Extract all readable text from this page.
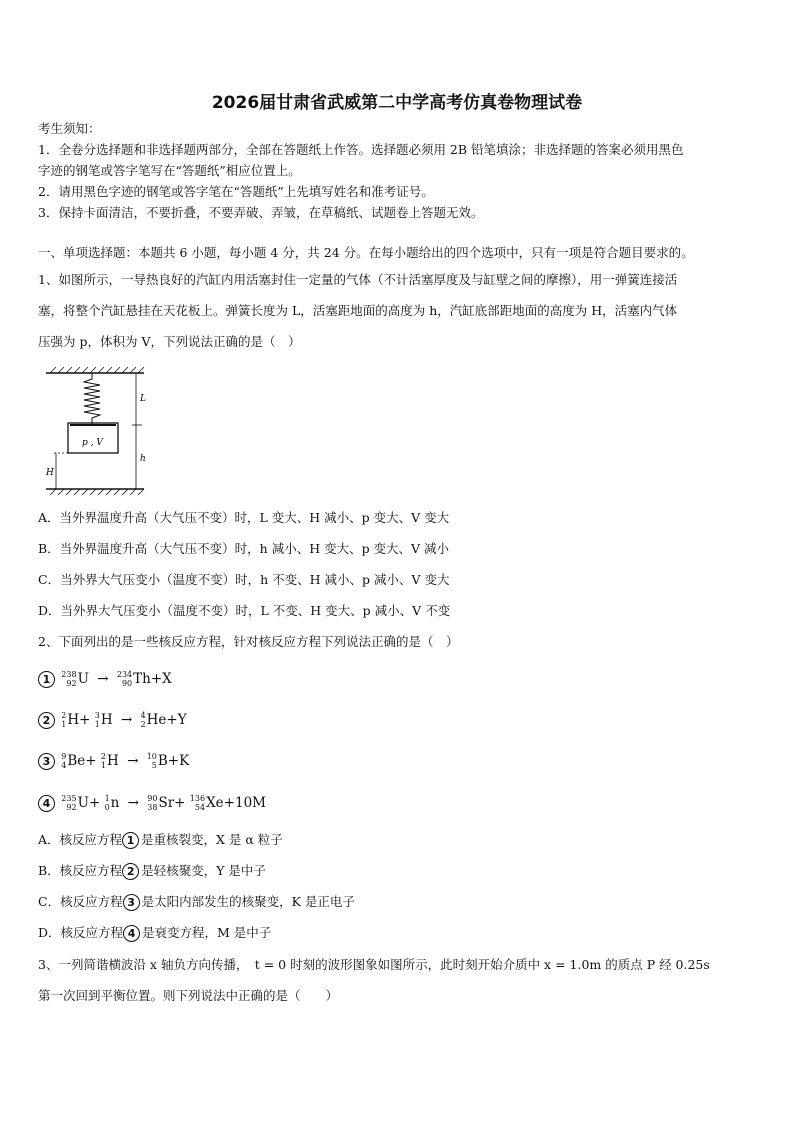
2026届甘肃省武威第二中学高考仿真卷物理试卷
考生须知：
1．全卷分选择题和非选择题两部分，全部在答题纸上作答。选择题必须用 2B 铅笔填涂；非选择题的答案必须用黑色
字迹的钢笔或答字笔写在“答题纸”相应位置上。
2．请用黑色字迹的钢笔或答字笔在“答题纸”上先填写姓名和准考证号。
3．保持卡面清洁，不要折叠，不要弄破、弄皱，在草稿纸、试题卷上答题无效。
一、单项选择题：本题共 6 小题，每小题 4 分，共 24 分。在每小题给出的四个选项中，只有一项是符合题目要求的。
1、如图所示，一导热良好的汽缸内用活塞封住一定量的气体（不计活塞厚度及与缸壁之间的摩擦），用一弹簧连接活
塞，将整个汽缸悬挂在天花板上。弹簧长度为 L，活塞距地面的高度为 h，汽缸底部距地面的高度为 H，活塞内气体
压强为 p，体积为 V，下列说法正确的是（　）
p , V
L
h
H
A．当外界温度升高（大气压不变）时，L 变大、H 减小、p 变大、V 变大
B．当外界温度升高（大气压不变）时，h 减小、H 变大、p 变大、V 减小
C．当外界大气压变小（温度不变）时，h 不变、H 减小、p 减小、V 变大
D．当外界大气压变小（温度不变）时，L 不变、H 变大、p 减小、V 不变
2、下面列出的是一些核反应方程，针对核反应方程下列说法正确的是（　）
1 238
92 U → 234
90 Th+X
2 2
1 H+
3
1 H → 4
2 He+Y
3 9
4 Be+
2
1 H → 10
5 B+K
4 235
92 U+
1
0 n → 90
38 Sr+
136
54 Xe+10M
A．核反应方程 1 是重核裂变，X 是 α 粒子
B．核反应方程 2 是轻核聚变，Y 是中子
C．核反应方程 3 是太阳内部发生的核聚变，K 是正电子
D．核反应方程 4 是衰变方程，M 是中子
3、一列简谐横波沿 x 轴负方向传播，　t = 0 时刻的波形图象如图所示，此时刻开始介质中 x = 1.0m 的质点 P 经 0.25s
第一次回到平衡位置。则下列说法中正确的是（　　）
